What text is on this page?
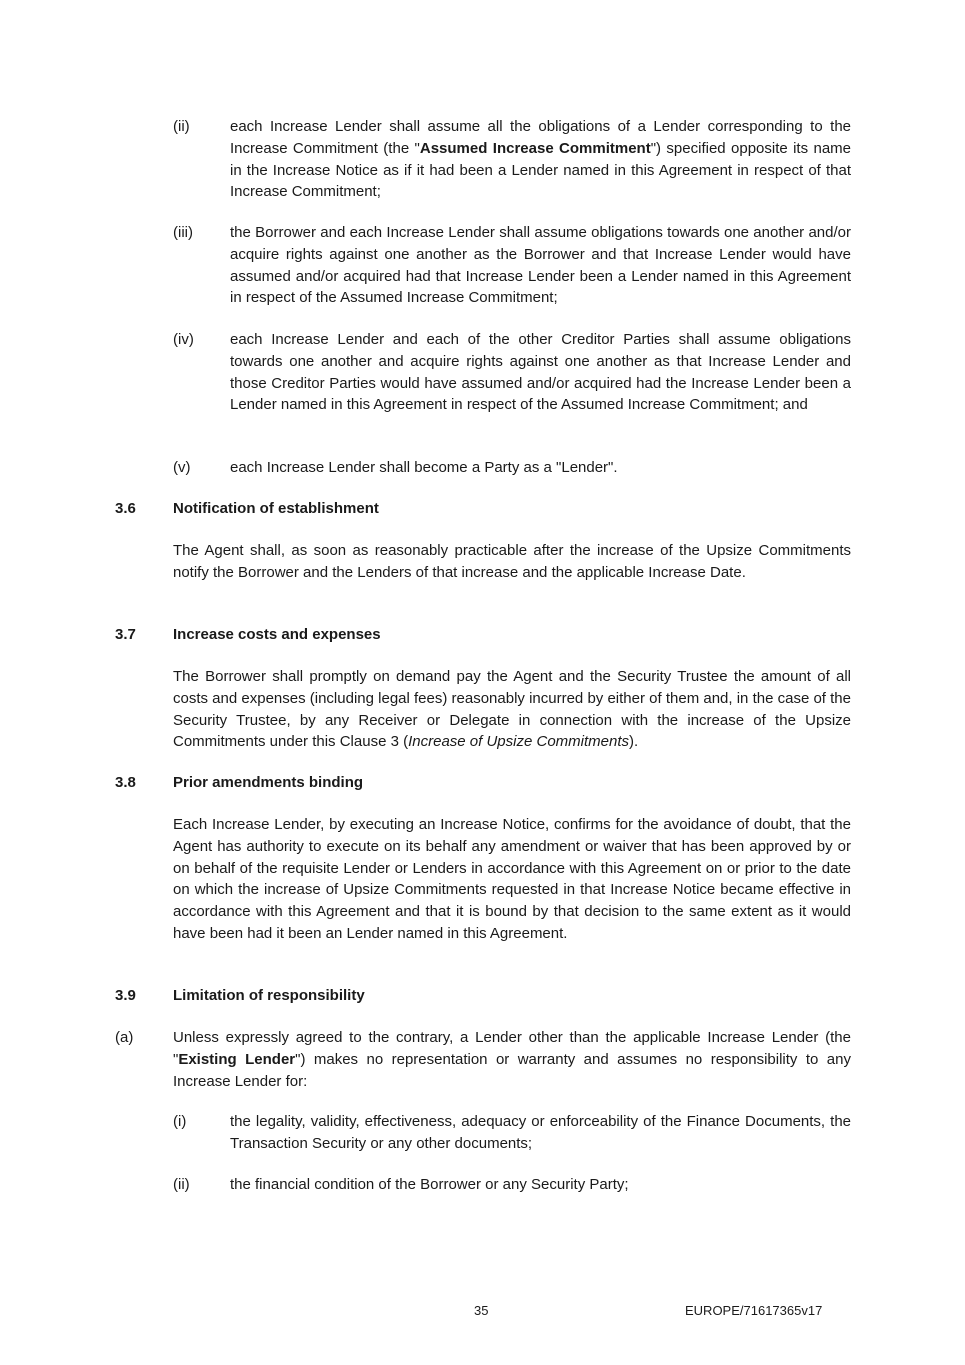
(ii)	each Increase Lender shall assume all the obligations of a Lender corresponding to the Increase Commitment (the "Assumed Increase Commitment") specified opposite its name in the Increase Notice as if it had been a Lender named in this Agreement in respect of that Increase Commitment;

(iii) the Borrower and each Increase Lender shall assume obligations towards one another and/or acquire rights against one another as the Borrower and that Increase Lender would have assumed and/or acquired had that Increase Lender been a Lender named in this Agreement in respect of the Assumed Increase Commitment;

(iv) each Increase Lender and each of the other Creditor Parties shall assume obligations towards one another and acquire rights against one another as that Increase Lender and those Creditor Parties would have assumed and/or acquired had the Increase Lender been a Lender named in this Agreement in respect of the Assumed Increase Commitment; and

(v)	each Increase Lender shall become a Party as a "Lender".

3.6 Notification of establishment

The Agent shall, as soon as reasonably practicable after the increase of the Upsize Commitments notify the Borrower and the Lenders of that increase and the applicable Increase Date.

3.7 Increase costs and expenses

The Borrower shall promptly on demand pay the Agent and the Security Trustee the amount of all costs and expenses (including legal fees) reasonably incurred by either of them and, in the case of the Security Trustee, by any Receiver or Delegate in connection with the increase of the Upsize Commitments under this Clause 3 (Increase of Upsize Commitments).

3.8 Prior amendments binding

Each Increase Lender, by executing an Increase Notice, confirms for the avoidance of doubt, that the Agent has authority to execute on its behalf any amendment or waiver that has been approved by or on behalf of the requisite Lender or Lenders in accordance with this Agreement on or prior to the date on which the increase of Upsize Commitments requested in that Increase Notice became effective in accordance with this Agreement and that it is bound by that decision to the same extent as it would have been had it been an Lender named in this Agreement.

3.9 Limitation of responsibility
(a)	Unless expressly agreed to the contrary, a Lender other than the applicable Increase Lender (the "Existing Lender") makes no representation or warranty and assumes no responsibility to any Increase Lender for:

(i)	the legality, validity, effectiveness, adequacy or enforceability of the Finance Documents, the Transaction Security or any other documents;

(ii)	the financial condition of the Borrower or any Security Party;

35	EUROPE/71617365v17
